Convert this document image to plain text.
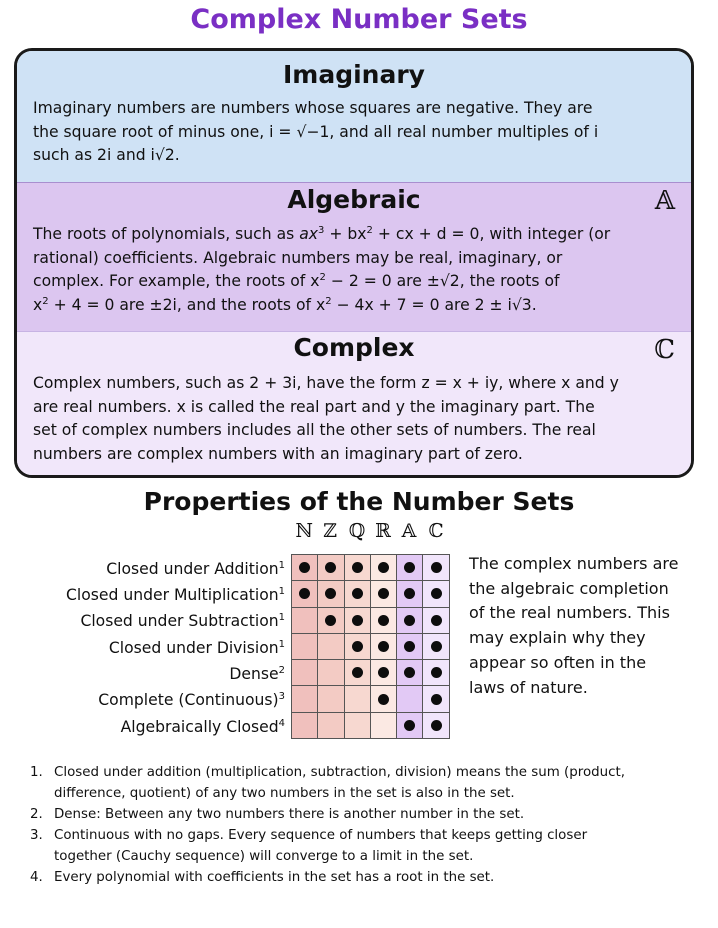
Complex Number Sets
Imaginary
Imaginary numbers are numbers whose squares are negative. They are
the square root of minus one, i = √−1, and all real number multiples of i
such as 2i and i√2.
Algebraic	𝔸
The roots of polynomials, such as $ax^3 + bx^2$ + cx + d = 0, with integer (or
rational) coefficients. Algebraic numbers may be real, imaginary, or
complex. For example, the roots of $x^2 - 2 = 0$ are ±√2, the roots of
$x^2 + 4 = 0$ are ±2i, and the roots of $x^2 - 4x + 7 = 0$ are 2 ± i√3.
Complex	ℂ
Complex numbers, such as 2 + 3i, have the form z = x + iy, where x and y
are real numbers. x is called the real part and y the imaginary part. The
set of complex numbers includes all the other sets of numbers. The real
numbers are complex numbers with an imaginary part of zero.
Properties of the Number Sets
ℕ ℤ ℚ ℝ 𝔸 ℂ
Closed under Addition$^1$
Closed under Multiplication$^1$
Closed under Subtraction$^1$
Closed under Division$^1$
Dense$^2$
Complete (Continuous)$^3$
Algebraically Closed$^4$
The complex numbers are
the algebraic completion
of the real numbers. This
may explain why they
appear so often in the
laws of nature.
1. Closed under addition (multiplication, subtraction, division) means the sum (product,
difference, quotient) of any two numbers in the set is also in the set.
2. Dense: Between any two numbers there is another number in the set.
3. Continuous with no gaps. Every sequence of numbers that keeps getting closer
together (Cauchy sequence) will converge to a limit in the set.
4. Every polynomial with coefficients in the set has a root in the set.
